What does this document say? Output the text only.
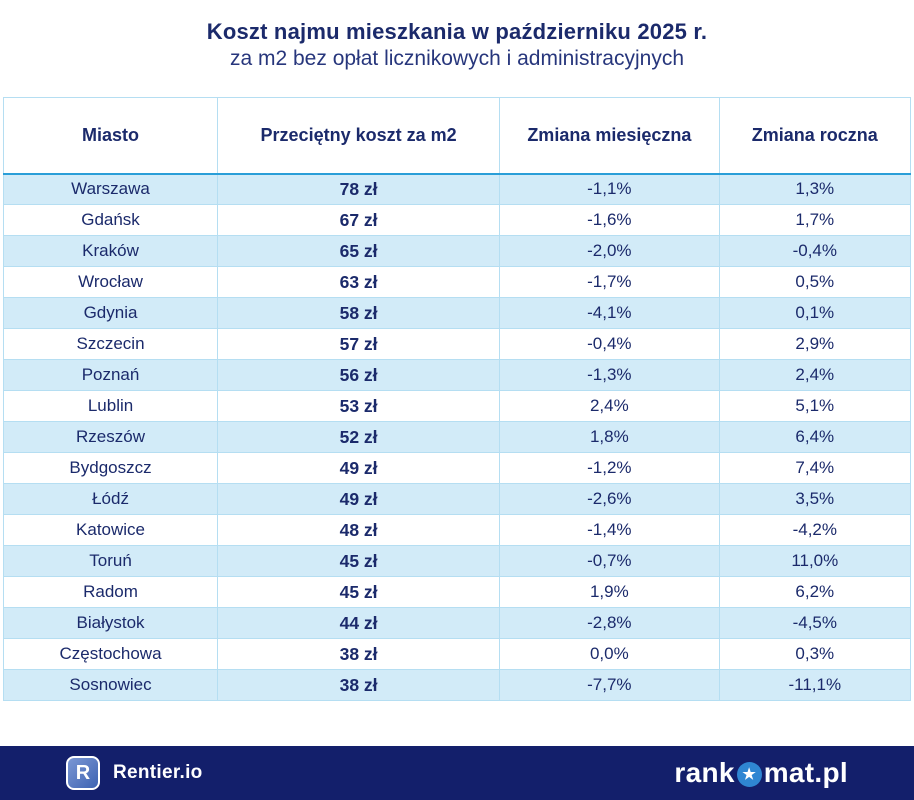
Koszt najmu mieszkania w październiku 2025 r.
za m2 bez opłat licznikowych i administracyjnych
Miasto	Przeciętny koszt za m2	Zmiana miesięczna	Zmiana roczna
Warszawa	78 zł	-1,1%	1,3%
Gdańsk	67 zł	-1,6%	1,7%
Kraków	65 zł	-2,0%	-0,4%
Wrocław	63 zł	-1,7%	0,5%
Gdynia	58 zł	-4,1%	0,1%
Szczecin	57 zł	-0,4%	2,9%
Poznań	56 zł	-1,3%	2,4%
Lublin	53 zł	2,4%	5,1%
Rzeszów	52 zł	1,8%	6,4%
Bydgoszcz	49 zł	-1,2%	7,4%
Łódź	49 zł	-2,6%	3,5%
Katowice	48 zł	-1,4%	-4,2%
Toruń	45 zł	-0,7%	11,0%
Radom	45 zł	1,9%	6,2%
Białystok	44 zł	-2,8%	-4,5%
Częstochowa	38 zł	0,0%	0,3%
Sosnowiec	38 zł	-7,7%	-11,1%
R	Rentier.io	rank ★ mat.pl
